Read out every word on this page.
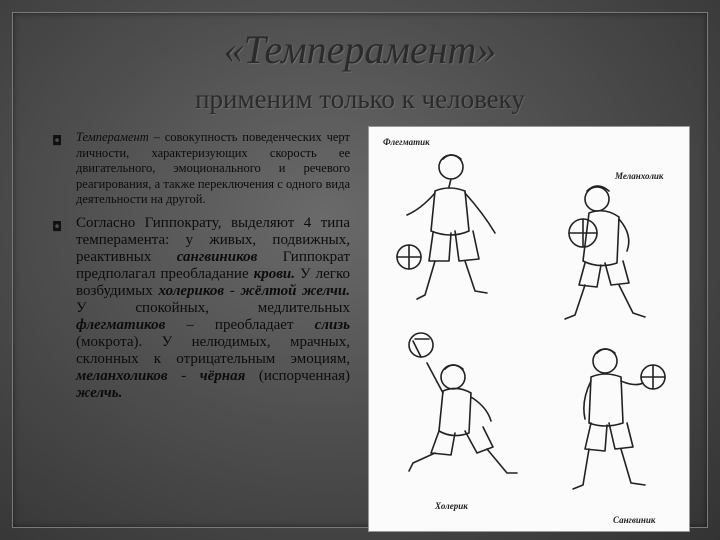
«Темперамент»
применим только к человеку
◘ Темперамент – совокупность поведенческих черт личности, характеризующих скорость ее двигательного, эмоционального и речевого реагирования, а также переключения с одного вида деятельности на другой.
◘ Согласно Гиппократу, выделяют 4 типа темперамента: у живых, подвижных, реактивных сангвиников Гиппократ предполагал преобладание крови. У легко возбудимых холериков - жёлтой желчи. У спокойных, медлительных флегматиков – преобладает слизь (мокрота). У нелюдимых, мрачных, склонных к отрицательным эмоциям, меланхоликов - чёрная (испорченная) желчь.
Флегматик
Меланхолик
Холерик
Сангвиник
